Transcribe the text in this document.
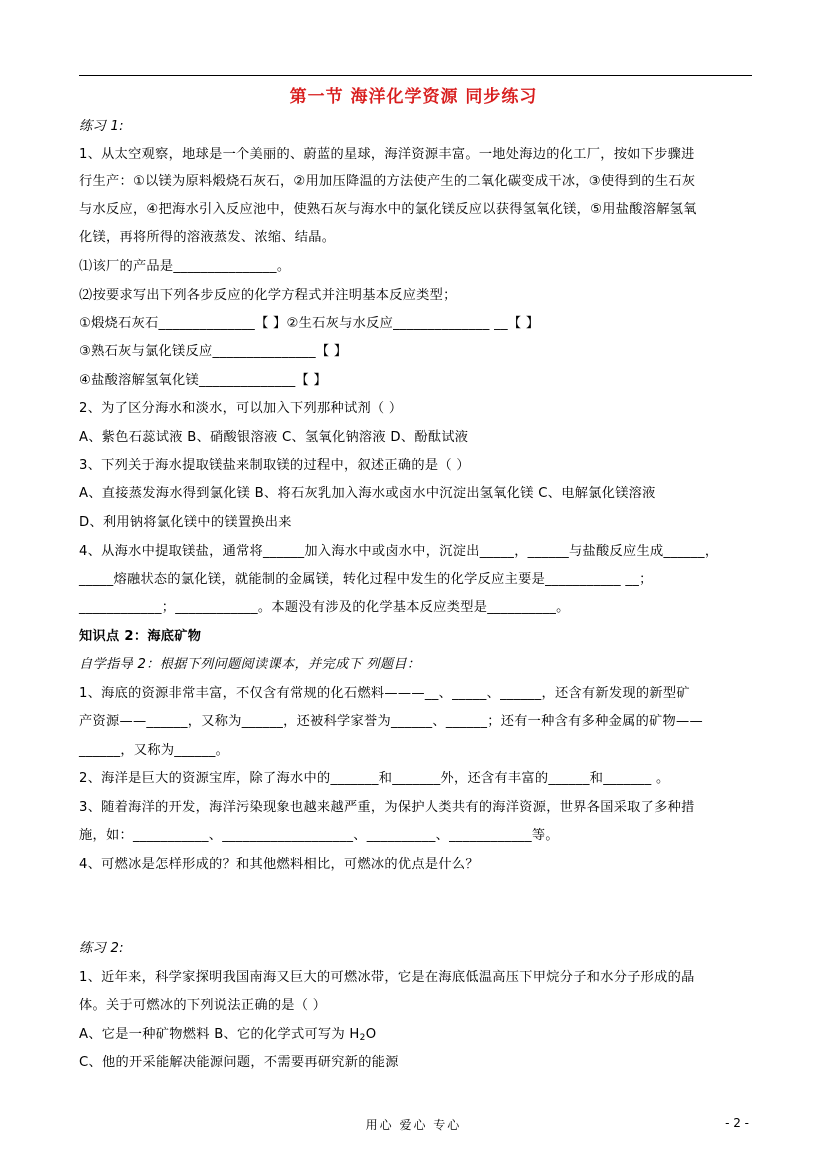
第一节 海洋化学资源 同步练习
练习 1:
1、从太空观察，地球是一个美丽的、蔚蓝的星球，海洋资源丰富。一地处海边的化工厂，按如下步骤进
行生产：①以镁为原料煅烧石灰石，②用加压降温的方法使产生的二氧化碳变成干冰，③使得到的生石灰
与水反应，④把海水引入反应池中，使熟石灰与海水中的氯化镁反应以获得氢氧化镁，⑤用盐酸溶解氢氧
化镁，再将所得的溶液蒸发、浓缩、结晶。
⑴该厂的产品是_______________。
⑵按要求写出下列各步反应的化学方程式并注明基本反应类型；
①煅烧石灰石______________【 】②生石灰与水反应______________ __【 】
③熟石灰与氯化镁反应_______________【 】
④盐酸溶解氢氧化镁______________【 】
2、为了区分海水和淡水，可以加入下列那种试剂（ ）
A、紫色石蕊试液 B、硝酸银溶液 C、氢氧化钠溶液 D、酚酞试液
3、下列关于海水提取镁盐来制取镁的过程中，叙述正确的是（ ）
A、直接蒸发海水得到氯化镁 B、将石灰乳加入海水或卤水中沉淀出氢氧化镁 C、电解氯化镁溶液
D、利用钠将氯化镁中的镁置换出来
4、从海水中提取镁盐，通常将______加入海水中或卤水中，沉淀出_____，______与盐酸反应生成______，
_____熔融状态的氯化镁，就能制的金属镁，转化过程中发生的化学反应主要是___________ __；
____________；____________。本题没有涉及的化学基本反应类型是__________。
知识点 2：海底矿物
自学指导 2：根据下列问题阅读课本，并完成下 列题目：
1、海底的资源非常丰富，不仅含有常规的化石燃料———__、_____、______，还含有新发现的新型矿
产资源——______，又称为______，还被科学家誉为______、______；还有一种含有多种金属的矿物——
______，又称为______。
2、海洋是巨大的资源宝库，除了海水中的_______和_______外，还含有丰富的______和_______ 。
3、随着海洋的开发，海洋污染现象也越来越严重，为保护人类共有的海洋资源，世界各国采取了多种措
施，如：___________、___________________、__________、____________等。
4、可燃冰是怎样形成的？和其他燃料相比，可燃冰的优点是什么？
练习 2:
1、近年来，科学家探明我国南海又巨大的可燃冰带，它是在海底低温高压下甲烷分子和水分子形成的晶
体。关于可燃冰的下列说法正确的是（ ）
A、它是一种矿物燃料 B、它的化学式可写为 $H_2O$
C、他的开采能解决能源问题，不需要再研究新的能源
用心 爱心 专心	- 2 -
